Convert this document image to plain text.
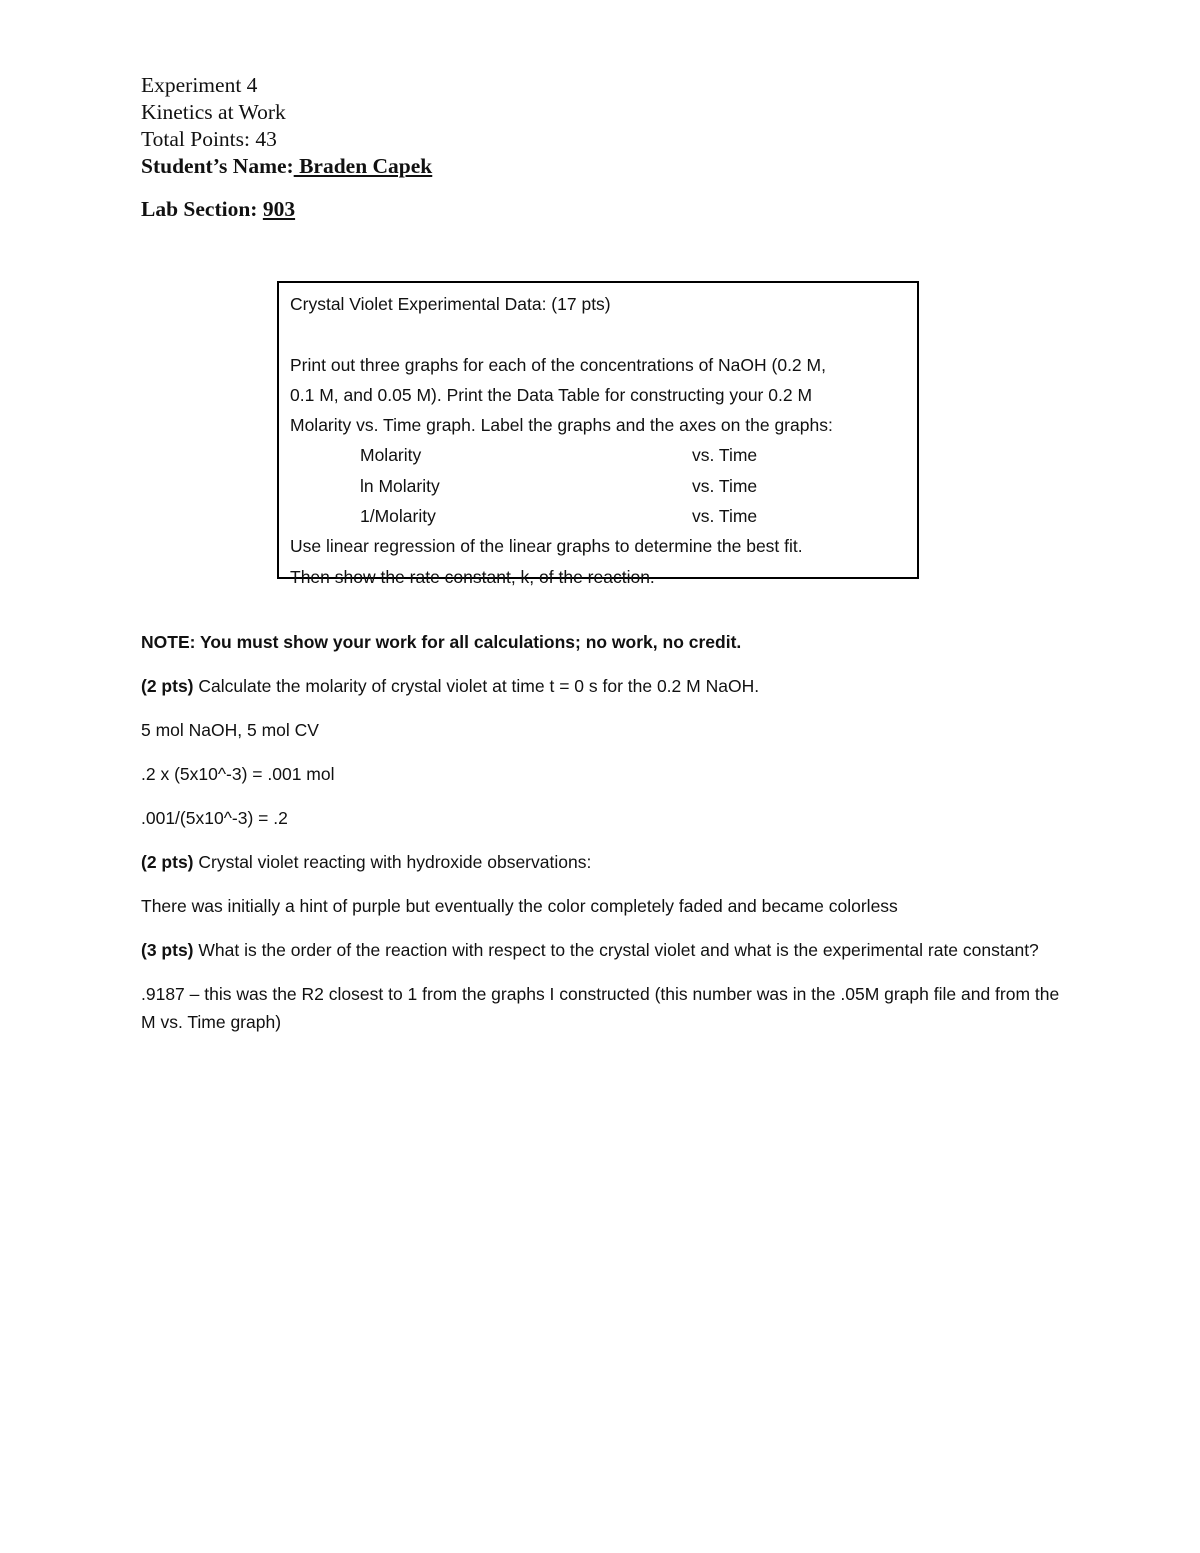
Experiment 4
Kinetics at Work
Total Points: 43
Student’s Name: Braden Capek
Lab Section: 903
Crystal Violet Experimental Data: (17 pts)
Print out three graphs for each of the concentrations of NaOH (0.2 M,
0.1 M, and 0.05 M). Print the Data Table for constructing your 0.2 M
Molarity vs. Time graph. Label the graphs and the axes on the graphs:
Molarity	vs. Time
ln Molarity	vs. Time
1/Molarity	vs. Time
Use linear regression of the linear graphs to determine the best fit.
Then show the rate constant, k, of the reaction.

NOTE: You must show your work for all calculations; no work, no credit.

(2 pts) Calculate the molarity of crystal violet at time t = 0 s for the 0.2 M NaOH.

5 mol NaOH, 5 mol CV

.2 x (5x10^-3) = .001 mol

.001/(5x10^-3) = .2

(2 pts) Crystal violet reacting with hydroxide observations:

There was initially a hint of purple but eventually the color completely faded and became colorless

(3 pts) What is the order of the reaction with respect to the crystal violet and what is the experimental rate constant?

.9187 – this was the R2 closest to 1 from the graphs I constructed (this number was in the .05M graph file and from the M vs. Time graph)
